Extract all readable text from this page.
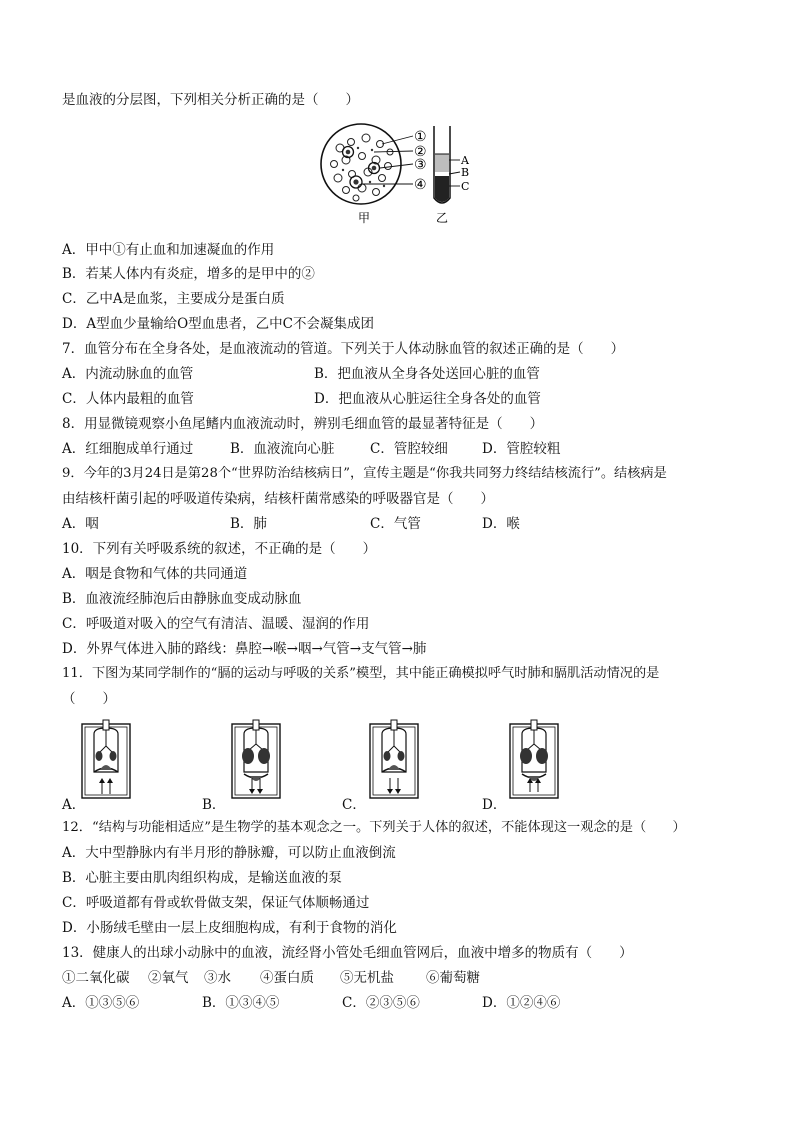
是血液的分层图，下列相关分析正确的是（　　）
①
②
③
④
甲
A
B
C
乙
A．甲中①有止血和加速凝血的作用
B．若某人体内有炎症，增多的是甲中的②
C．乙中A是血浆，主要成分是蛋白质
D．A型血少量输给O型血患者，乙中C不会凝集成团
7．血管分布在全身各处，是血液流动的管道。下列关于人体动脉血管的叙述正确的是（　　）
A．内流动脉血的血管	B．把血液从全身各处送回心脏的血管
C．人体内最粗的血管	D．把血液从心脏运往全身各处的血管
8．用显微镜观察小鱼尾鳍内血液流动时，辨别毛细血管的最显著特征是（　　）
A．红细胞成单行通过	B．血液流向心脏	C．管腔较细	D．管腔较粗
9．今年的3月24日是第28个“世界防治结核病日”，宣传主题是“你我共同努力终结结核流行”。结核病是
由结核杆菌引起的呼吸道传染病，结核杆菌常感染的呼吸器官是（　　）
A．咽	B．肺	C．气管	D．喉
10．下列有关呼吸系统的叙述，不正确的是（　　）
A．咽是食物和气体的共同通道
B．血液流经肺泡后由静脉血变成动脉血
C．呼吸道对吸入的空气有清洁、温暖、湿润的作用
D．外界气体进入肺的路线：鼻腔→喉→咽→气管→支气管→肺
11．下图为某同学制作的“膈的运动与呼吸的关系”模型，其中能正确模拟呼气时肺和膈肌活动情况的是
（　　）
A．	B．	C．	D．
12．“结构与功能相适应”是生物学的基本观念之一。下列关于人体的叙述，不能体现这一观念的是（　　）
A．大中型静脉内有半月形的静脉瓣，可以防止血液倒流
B．心脏主要由肌肉组织构成，是输送血液的泵
C．呼吸道都有骨或软骨做支架，保证气体顺畅通过
D．小肠绒毛壁由一层上皮细胞构成，有利于食物的消化
13．健康人的出球小动脉中的血液，流经肾小管处毛细血管网后，血液中增多的物质有（　　）
①二氧化碳 ②氧气 ③水 ④蛋白质 ⑤无机盐 ⑥葡萄糖
A．①③⑤⑥	B．①③④⑤	C．②③⑤⑥	D．①②④⑥
